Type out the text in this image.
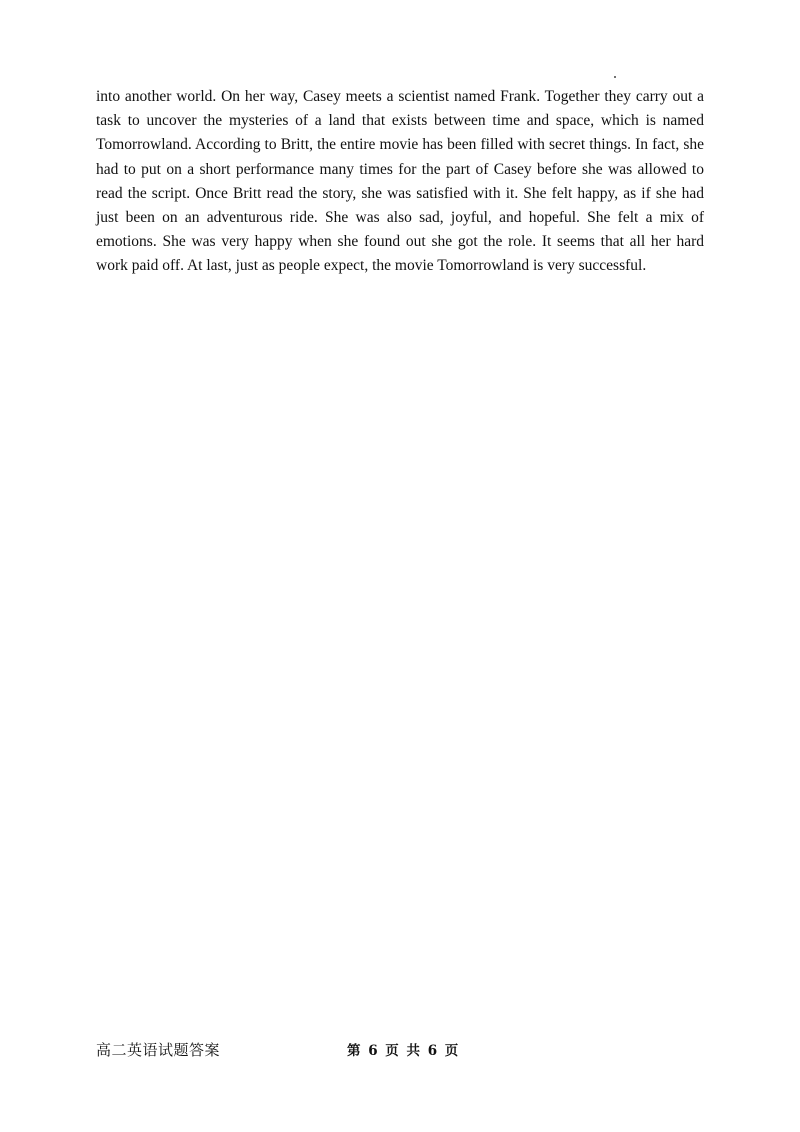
into another world. On her way, Casey meets a scientist named Frank. Together they carry out a
task to uncover the mysteries of a land that exists between time and space, which is named
Tomorrowland. According to Britt, the entire movie has been filled with secret things. In fact, she
had to put on a short performance many times for the part of Casey before she was allowed to
read the script. Once Britt read the story, she was satisfied with it. She felt happy, as if she had
just been on an adventurous ride. She was also sad, joyful, and hopeful. She felt a mix of
emotions. She was very happy when she found out she got the role. It seems that all her hard
work paid off. At last, just as people expect, the movie Tomorrowland is very successful.
高二英语试题答案	第 6 页 共 6 页
